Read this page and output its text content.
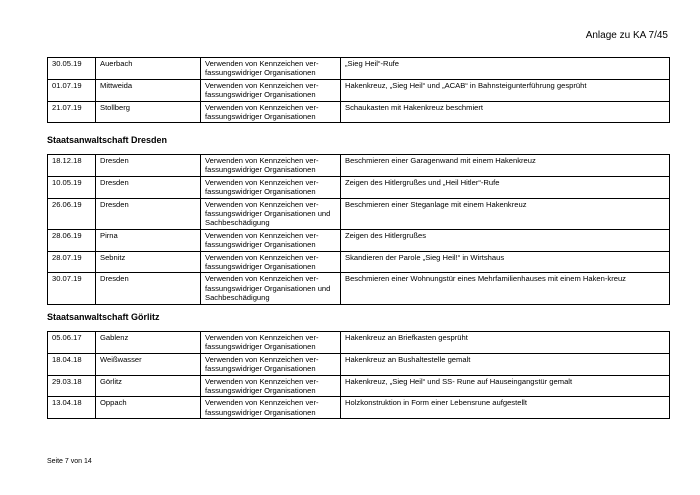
Anlage zu KA 7/45
30.05.19	Auerbach	Verwenden von Kennzeichen ver-fassungswidriger Organisationen	„Sieg Heil“-Rufe
01.07.19	Mittweida	Verwenden von Kennzeichen ver-fassungswidriger Organisationen	Hakenkreuz, „Sieg Heil“ und „ACAB“ in Bahnsteigunterführung gesprüht
21.07.19	Stollberg	Verwenden von Kennzeichen ver-fassungswidriger Organisationen	Schaukasten mit Hakenkreuz beschmiert
Staatsanwaltschaft Dresden
18.12.18	Dresden	Verwenden von Kennzeichen ver-fassungswidriger Organisationen	Beschmieren einer Garagenwand mit einem Hakenkreuz
10.05.19	Dresden	Verwenden von Kennzeichen ver-fassungswidriger Organisationen	Zeigen des Hitlergrußes und „Heil Hitler“-Rufe
26.06.19	Dresden	Verwenden von Kennzeichen ver-fassungswidriger Organisationen und Sachbeschädigung	Beschmieren einer Steganlage mit einem Hakenkreuz
28.06.19	Pirna	Verwenden von Kennzeichen ver-fassungswidriger Organisationen	Zeigen des Hitlergrußes
28.07.19	Sebnitz	Verwenden von Kennzeichen ver-fassungswidriger Organisationen	Skandieren der Parole „Sieg Heil!“ in Wirtshaus
30.07.19	Dresden	Verwenden von Kennzeichen ver-fassungswidriger Organisationen und Sachbeschädigung	Beschmieren einer Wohnungstür eines Mehrfamilienhauses mit einem Haken-kreuz
Staatsanwaltschaft Görlitz
05.06.17	Gablenz	Verwenden von Kennzeichen ver-fassungswidriger Organisationen	Hakenkreuz an Briefkasten gesprüht
18.04.18	Weißwasser	Verwenden von Kennzeichen ver-fassungswidriger Organisationen	Hakenkreuz an Bushaltestelle gemalt
29.03.18	Görlitz	Verwenden von Kennzeichen ver-fassungswidriger Organisationen	Hakenkreuz, „Sieg Heil“ und SS- Rune auf Hauseingangstür gemalt
13.04.18	Oppach	Verwenden von Kennzeichen ver-fassungswidriger Organisationen	Holzkonstruktion in Form einer Lebensrune aufgestellt
Seite 7 von 14
